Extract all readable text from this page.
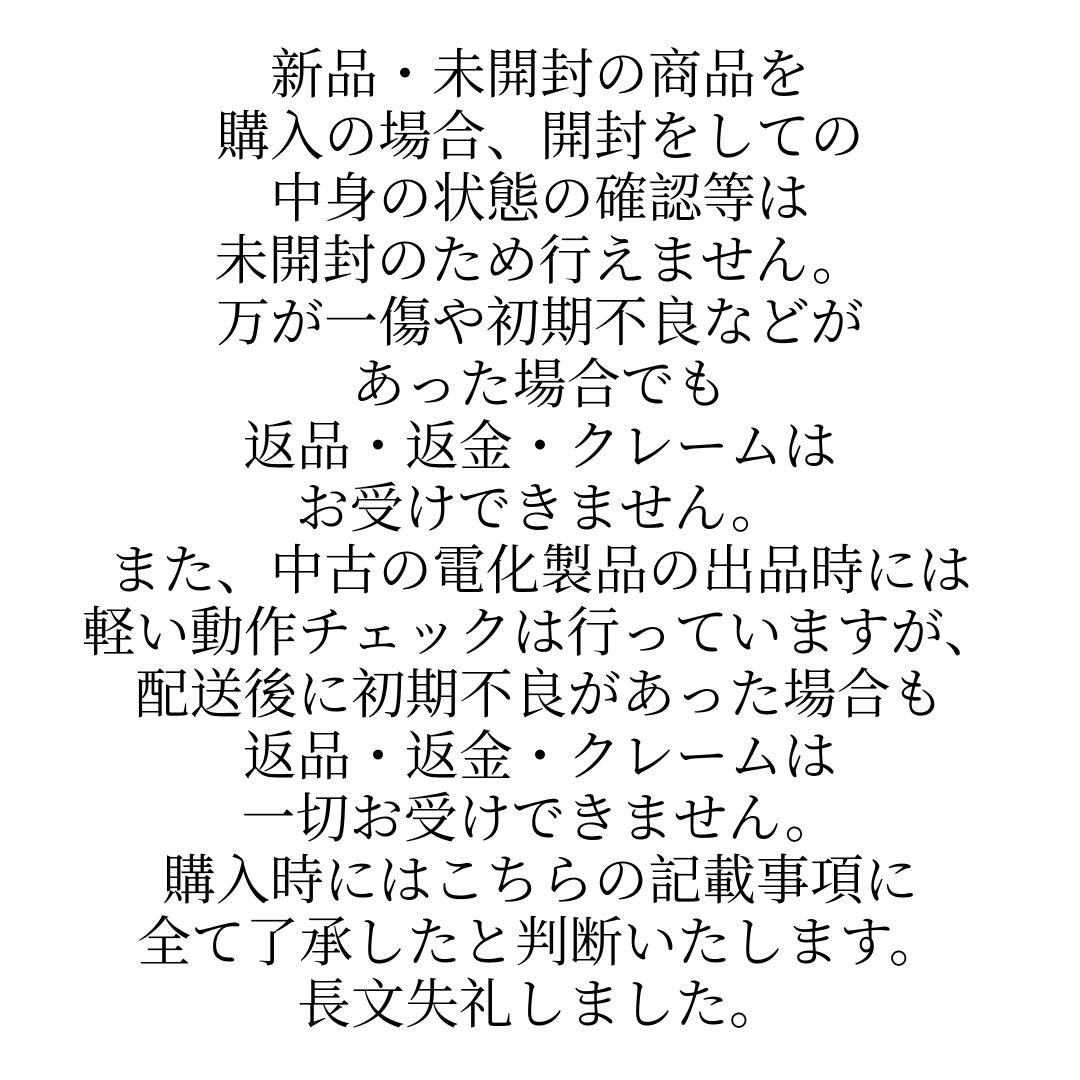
新品・未開封の商品を
購入の場合、開封をしての
中身の状態の確認等は
未開封のため行えません。
万が一傷や初期不良などが
あった場合でも
返品・返金・クレームは
お受けできません。
また、中古の電化製品の出品時には
軽い動作チェックは行っていますが、
配送後に初期不良があった場合も
返品・返金・クレームは
一切お受けできません。
購入時にはこちらの記載事項に
全て了承したと判断いたします。
長文失礼しました。
